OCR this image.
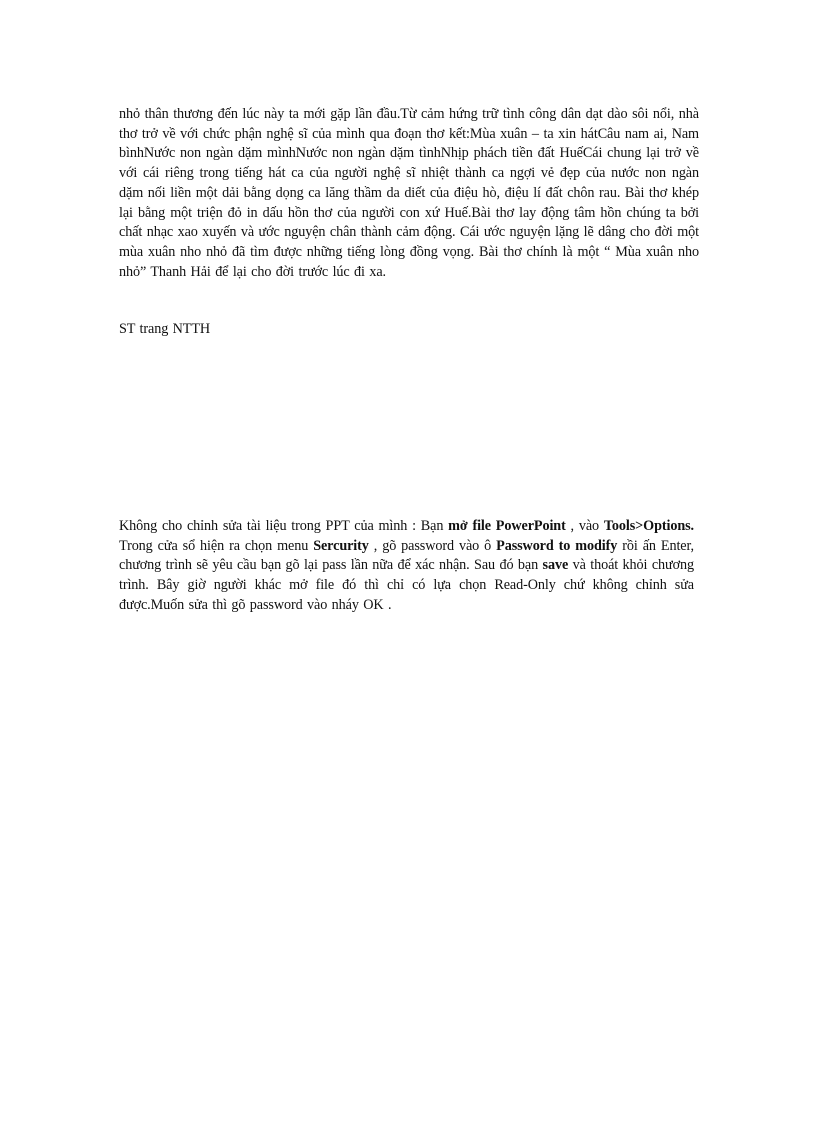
nhỏ thân thương đến lúc này ta mới gặp lần đầu.Từ cảm hứng trữ tình công dân dạt dào sôi nổi, nhà thơ trở về với chức phận nghệ sĩ của mình qua đoạn thơ kết:Mùa xuân – ta xin hátCâu nam ai, Nam bìnhNước non ngàn dặm mìnhNước non ngàn dặm tìnhNhịp phách tiền đất HuếCái chung lại trở về với cái riêng trong tiếng hát ca của người nghệ sĩ nhiệt thành ca ngợi vẻ đẹp của nước non ngàn dặm nối liền một dải bằng dọng ca lăng thầm da diết của điệu hò, điệu lí đất chôn rau. Bài thơ khép lại bằng một triện đỏ in dấu hồn thơ của người con xứ Huế.Bài thơ lay động tâm hồn chúng ta bởi chất nhạc xao xuyến và ước nguyện chân thành cảm động. Cái ước nguyện lặng lẽ dâng cho đời một mùa xuân nho nhỏ đã tìm được những tiếng lòng đồng vọng. Bài thơ chính là một “ Mùa xuân nho nhỏ” Thanh Hải để lại cho đời trước lúc đi xa.

ST trang NTTH

Không cho chỉnh sửa tài liệu trong PPT của mình : Bạn mở file PowerPoint , vào Tools>Options. Trong cửa sổ hiện ra chọn menu Sercurity , gõ password vào ô Password to modify rồi ấn Enter, chương trình sẽ yêu cầu bạn gõ lại pass lần nữa để xác nhận. Sau đó bạn save và thoát khỏi chương trình. Bây giờ người khác mở file đó thì chỉ có lựa chọn Read-Only chứ không chỉnh sửa được.Muốn sửa thì gõ password vào nháy OK .
